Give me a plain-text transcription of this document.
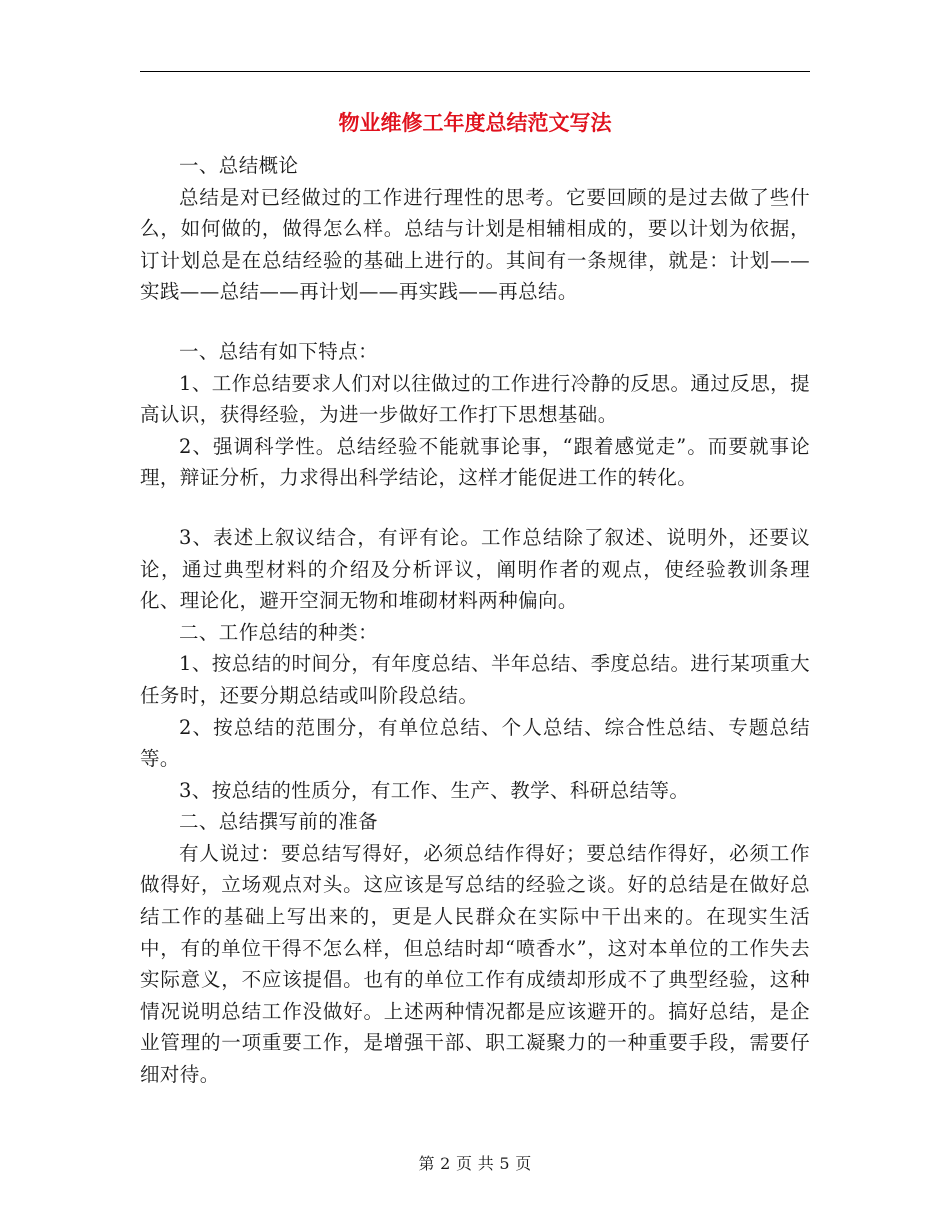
物业维修工年度总结范文写法

一、总结概论

总结是对已经做过的工作进行理性的思考。它要回顾的是过去做了些什么，如何做的，做得怎么样。总结与计划是相辅相成的，要以计划为依据，订计划总是在总结经验的基础上进行的。其间有一条规律，就是：计划——实践——总结——再计划——再实践——再总结。

一、总结有如下特点：

1、工作总结要求人们对以往做过的工作进行冷静的反思。通过反思，提高认识，获得经验，为进一步做好工作打下思想基础。

2、强调科学性。总结经验不能就事论事，“跟着感觉走”。而要就事论理，辩证分析，力求得出科学结论，这样才能促进工作的转化。

3、表述上叙议结合，有评有论。工作总结除了叙述、说明外，还要议论，通过典型材料的介绍及分析评议，阐明作者的观点，使经验教训条理化、理论化，避开空洞无物和堆砌材料两种偏向。

二、工作总结的种类：

1、按总结的时间分，有年度总结、半年总结、季度总结。进行某项重大任务时，还要分期总结或叫阶段总结。

2、按总结的范围分，有单位总结、个人总结、综合性总结、专题总结等。

3、按总结的性质分，有工作、生产、教学、科研总结等。

二、总结撰写前的准备

有人说过：要总结写得好，必须总结作得好；要总结作得好，必须工作做得好，立场观点对头。这应该是写总结的经验之谈。好的总结是在做好总结工作的基础上写出来的，更是人民群众在实际中干出来的。在现实生活中，有的单位干得不怎么样，但总结时却“喷香水”，这对本单位的工作失去实际意义，不应该提倡。也有的单位工作有成绩却形成不了典型经验，这种情况说明总结工作没做好。上述两种情况都是应该避开的。搞好总结，是企业管理的一项重要工作，是增强干部、职工凝聚力的一种重要手段，需要仔细对待。

第 2 页 共 5 页
